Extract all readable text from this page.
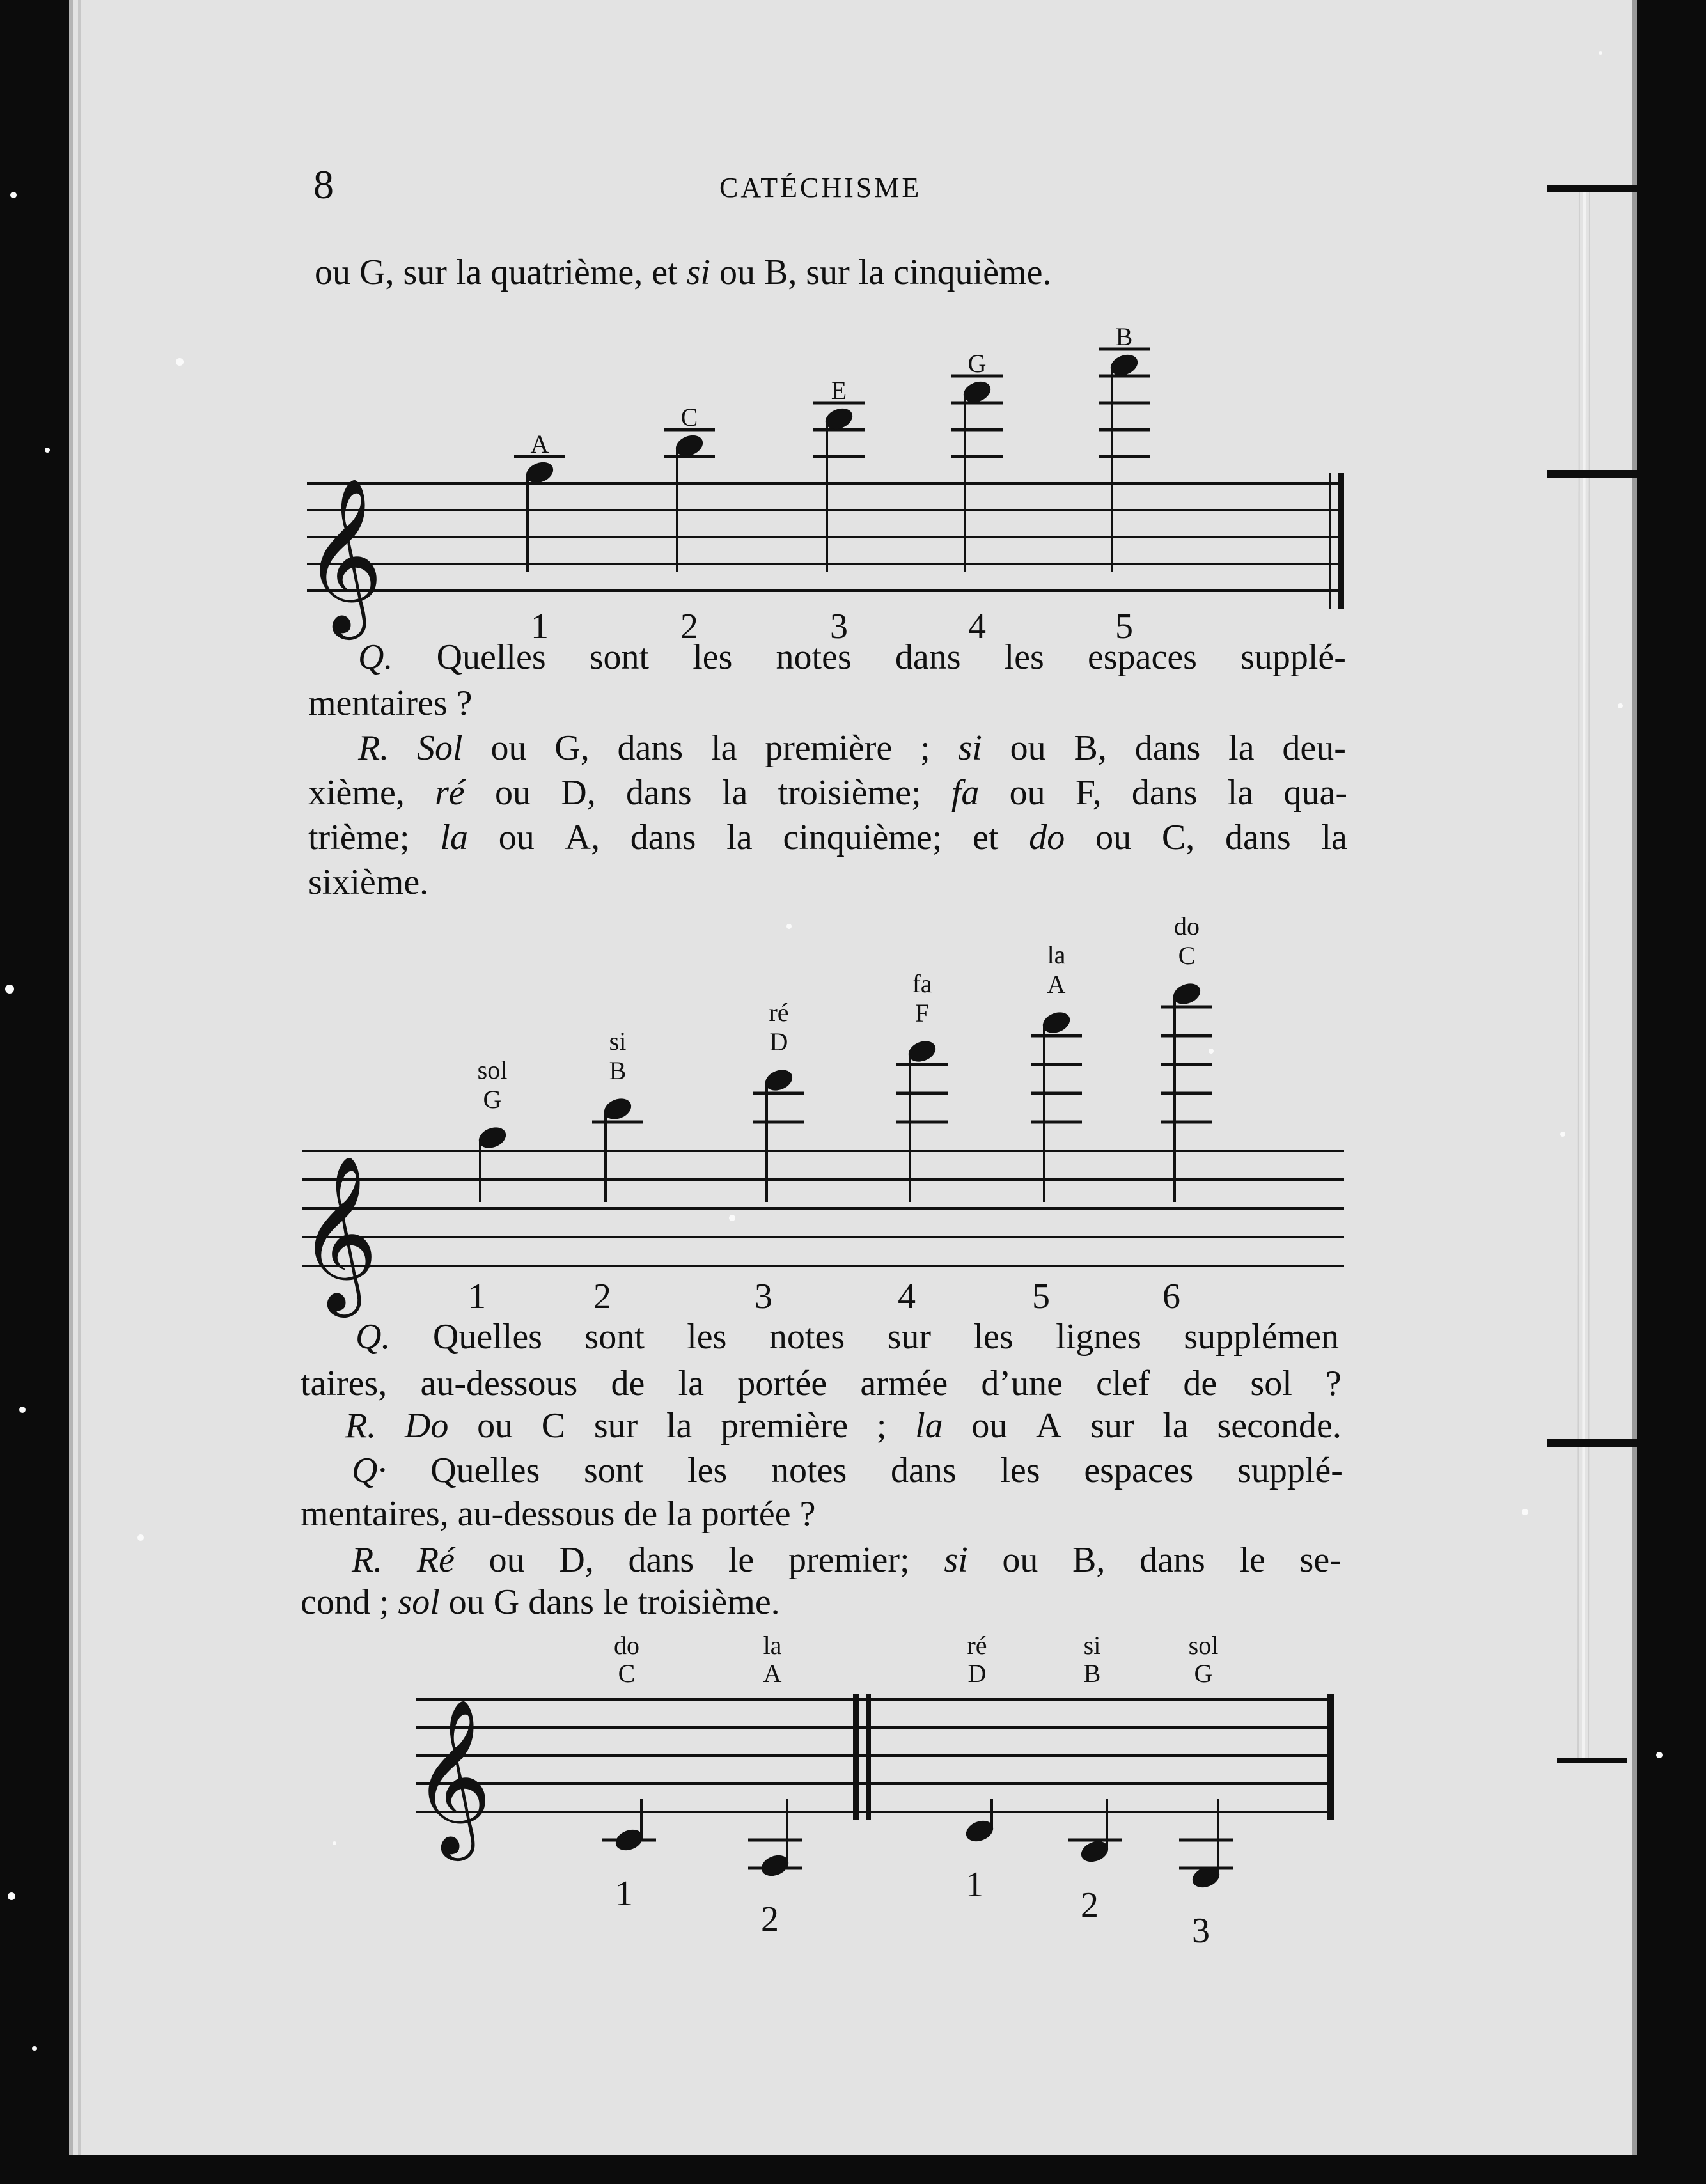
8	CATÉCHISME

ou G, sur la quatrième, et si ou B, sur la cinquième.

Q. Quelles sont les notes dans les espaces supplé-

mentaires ?

R. Sol ou G, dans la première ; si ou B, dans la deu-

xième, ré ou D, dans la troisième; fa ou F, dans la qua-

trième; la ou A, dans la cinquième; et do ou C, dans la

sixième.

Q. Quelles sont les notes sur les lignes supplémen

taires, au-dessous de la portée armée d’une clef de sol ?

R. Do ou C sur la première ; la ou A sur la seconde.

Q· Quelles sont les notes dans les espaces supplé-

mentaires, au-dessous de la portée ?

R. Ré ou D, dans le premier; si ou B, dans le se-

cond ; sol ou G dans le troisième.

𝄞
A
1
C
2
E
3
G
4
B
5
𝄞
sol
G
1
si
B
2
ré
D
3
fa
F
4
la
A
5
do
C
6
𝄞
do
C
1
la
A
2
ré
D
1
si
B
2
sol
G
3
